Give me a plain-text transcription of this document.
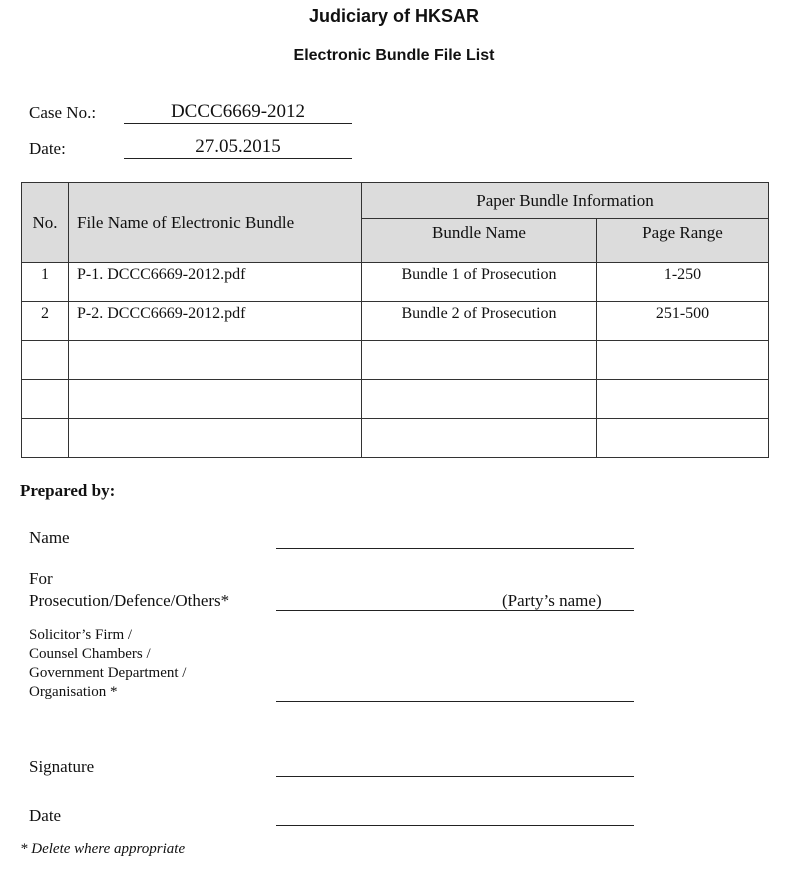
Judiciary of HKSAR
Electronic Bundle File List
Case No.:	DCCC6669-2012
Date:	27.05.2015
No.	File Name of Electronic Bundle	Paper Bundle Information	
		Bundle Name	Page Range
1	P-1. DCCC6669-2012.pdf	Bundle 1 of Prosecution	1-250
2	P-2. DCCC6669-2012.pdf	Bundle 2 of Prosecution	251-500

Prepared by:
Name
For
Prosecution/Defence/Others*	(Party’s name)
Solicitor’s Firm /
Counsel Chambers /
Government Department /
Organisation *
Signature
Date
* Delete where appropriate
